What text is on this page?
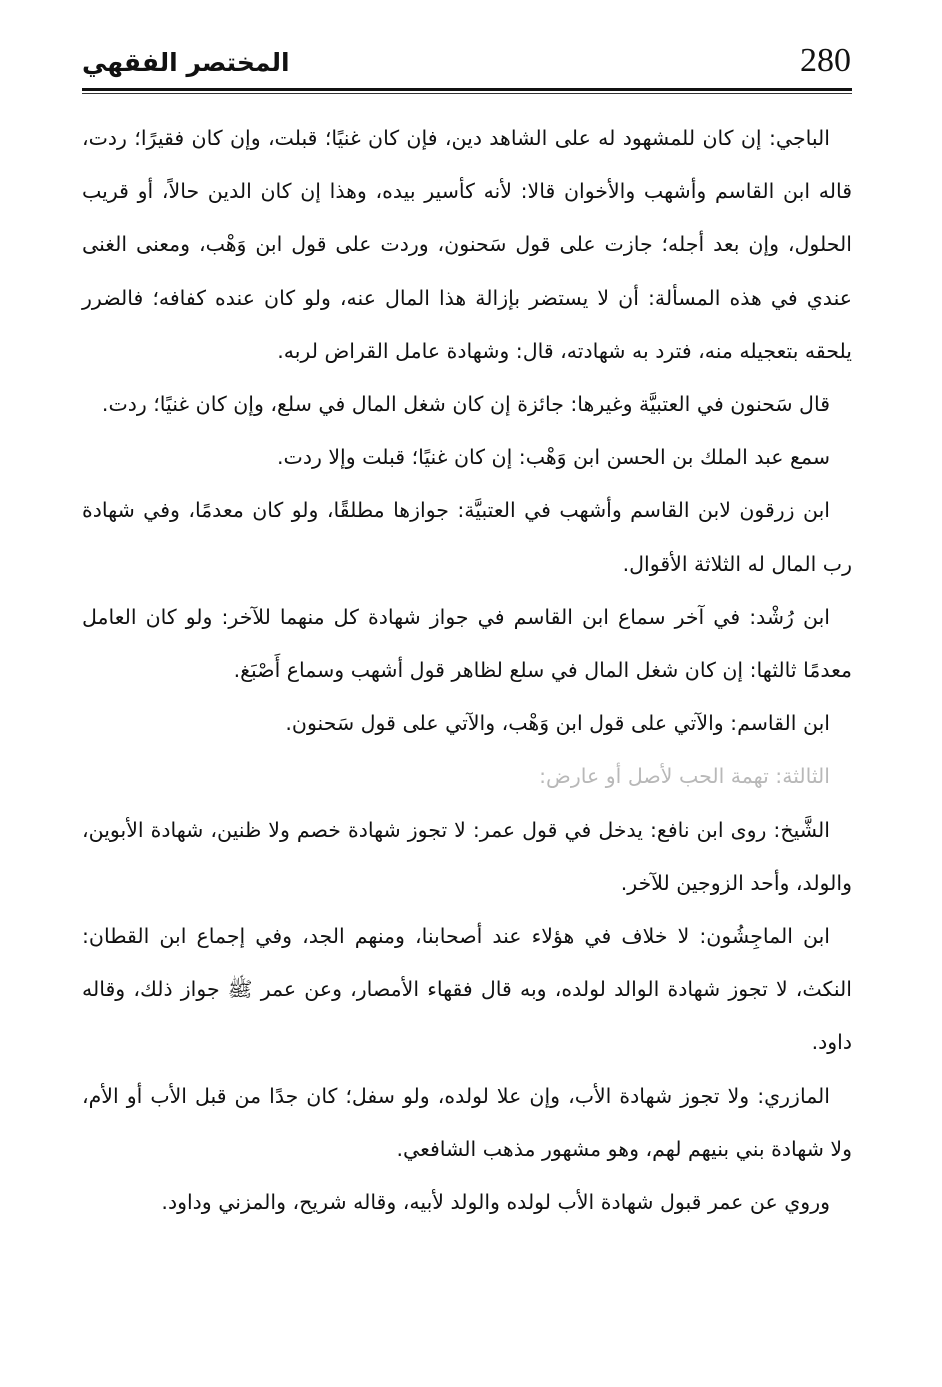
المختصر الفقهي	280

الباجي: إن كان للمشهود له على الشاهد دين، فإن كان غنيًا؛ قبلت، وإن كان فقيرًا؛ ردت، قاله ابن القاسم وأشهب والأخوان قالا: لأنه كأسير بيده، وهذا إن كان الدين حالاً، أو قريب الحلول، وإن بعد أجله؛ جازت على قول سَحنون، وردت على قول ابن وَهْب، ومعنى الغنى عندي في هذه المسألة: أن لا يستضر بإزالة هذا المال عنه، ولو كان عنده كفافه؛ فالضرر يلحقه بتعجيله منه، فترد به شهادته، قال: وشهادة عامل القراض لربه.

قال سَحنون في العتبيَّة وغيرها: جائزة إن كان شغل المال في سلع، وإن كان غنيًا؛ ردت.

سمع عبد الملك بن الحسن ابن وَهْب: إن كان غنيًا؛ قبلت وإلا ردت.

ابن زرقون لابن القاسم وأشهب في العتبيَّة: جوازها مطلقًا، ولو كان معدمًا، وفي شهادة رب المال له الثلاثة الأقوال.

ابن رُشْد: في آخر سماع ابن القاسم في جواز شهادة كل منهما للآخر: ولو كان العامل معدمًا ثالثها: إن كان شغل المال في سلع لظاهر قول أشهب وسماع أَصْبَغ.

ابن القاسم: والآتي على قول ابن وَهْب، والآتي على قول سَحنون.

الثالثة: تهمة الحب لأصل أو عارض:

الشَّيخ: روى ابن نافع: يدخل في قول عمر: لا تجوز شهادة خصم ولا ظنين، شهادة الأبوين، والولد، وأحد الزوجين للآخر.

ابن الماجِشُون: لا خلاف في هؤلاء عند أصحابنا، ومنهم الجد، وفي إجماع ابن القطان: النكث، لا تجوز شهادة الوالد لولده، وبه قال فقهاء الأمصار، وعن عمر ﷺ جواز ذلك، وقاله داود.

المازري: ولا تجوز شهادة الأب، وإن علا لولده، ولو سفل؛ كان جدًا من قبل الأب أو الأم، ولا شهادة بني بنيهم لهم، وهو مشهور مذهب الشافعي.

وروي عن عمر قبول شهادة الأب لولده والولد لأبيه، وقاله شريح، والمزني وداود.
